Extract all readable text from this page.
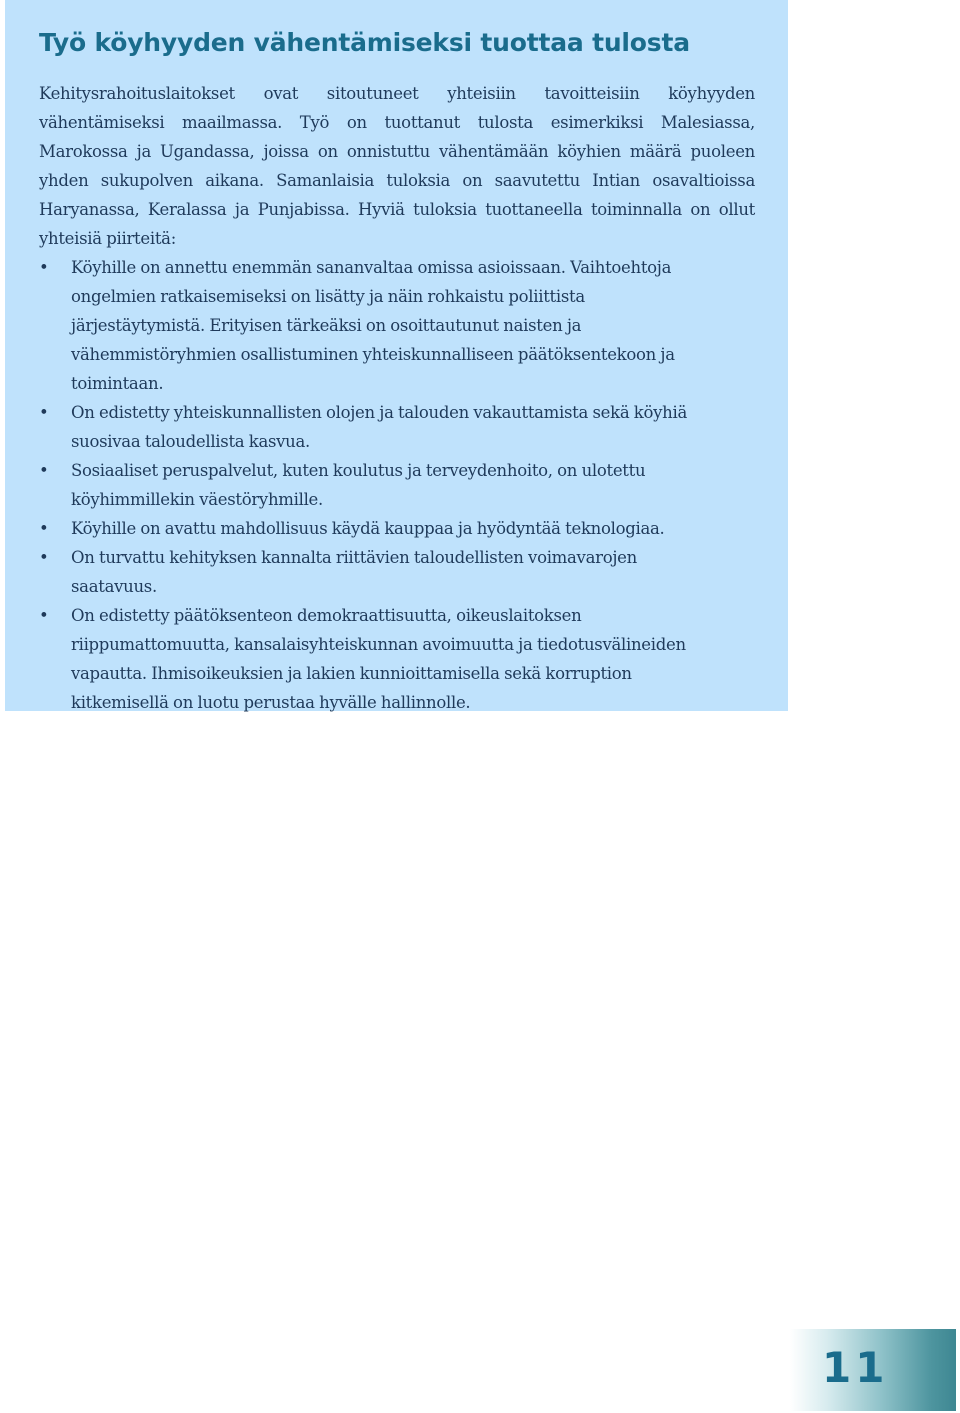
Työ köyhyyden vähentämiseksi tuottaa tulosta

Kehitysrahoituslaitokset ovat sitoutuneet yhteisiin tavoitteisiin köyhyyden vähentämiseksi maailmassa. Työ on tuottanut tulosta esimerkiksi Malesiassa, Marokossa ja Ugandassa, joissa on onnistuttu vähentämään köyhien määrä puoleen yhden sukupolven aikana. Samanlaisia tuloksia on saavutettu Intian osavaltioissa Haryanassa, Keralassa ja Punjabissa. Hyviä tuloksia tuottaneella toiminnalla on ollut yhteisiä piirteitä:

• Köyhille on annettu enemmän sananvaltaa omissa asioissaan. Vaihtoehtoja ongelmien ratkaisemiseksi on lisätty ja näin rohkaistu poliittista järjestäytymistä. Erityisen tärkeäksi on osoittautunut naisten ja vähemmistöryhmien osallistuminen yhteiskunnalliseen päätöksentekoon ja toimintaan.
• On edistetty yhteiskunnallisten olojen ja talouden vakauttamista sekä köyhiä suosivaa taloudellista kasvua.
• Sosiaaliset peruspalvelut, kuten koulutus ja terveydenhoito, on ulotettu köyhimmillekin väestöryhmille.
• Köyhille on avattu mahdollisuus käydä kauppaa ja hyödyntää teknologiaa.
• On turvattu kehityksen kannalta riittävien taloudellisten voimavarojen saatavuus.
• On edistetty päätöksenteon demokraattisuutta, oikeuslaitoksen riippumattomuutta, kansalaisyhteiskunnan avoimuutta ja tiedotusvälineiden vapautta. Ihmisoikeuksien ja lakien kunnioittamisella sekä korruption kitkemisellä on luotu perustaa hyvälle hallinnolle.
11
